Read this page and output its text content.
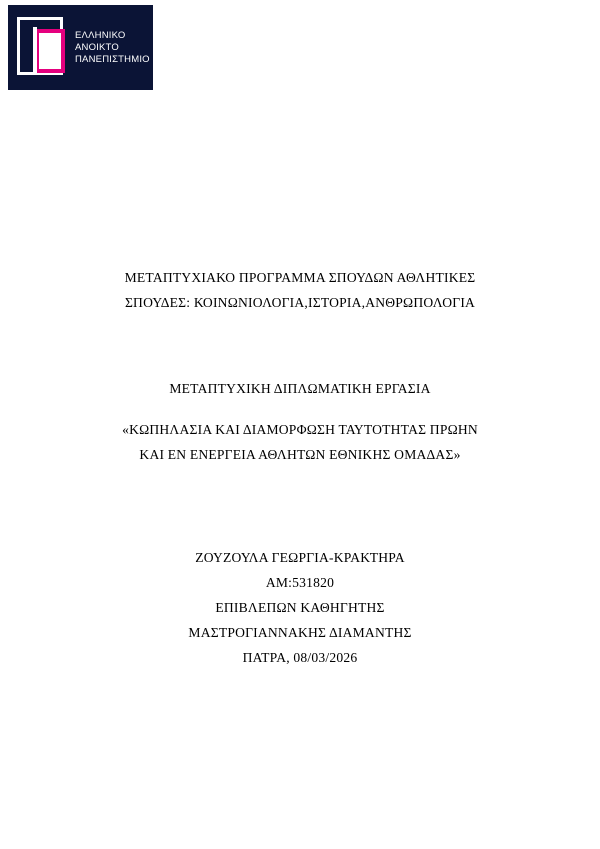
ΕΛΛΗΝΙΚΟ
ΑΝΟΙΚΤΟ
ΠΑΝΕΠΙΣΤΗΜΙΟ
ΜΕΤΑΠΤΥΧΙΑΚΟ ΠΡΟΓΡΑΜΜΑ ΣΠΟΥΔΩΝ ΑΘΛΗΤΙΚΕΣ
ΣΠΟΥΔΕΣ: ΚΟΙΝΩΝΙΟΛΟΓΙΑ,ΙΣΤΟΡΙΑ,ΑΝΘΡΩΠΟΛΟΓΙΑ
ΜΕΤΑΠΤΥΧΙΚΗ ΔΙΠΛΩΜΑΤΙΚΗ ΕΡΓΑΣΙΑ
«ΚΩΠΗΛΑΣΙΑ ΚΑΙ ΔΙΑΜΟΡΦΩΣΗ ΤΑΥΤΟΤΗΤΑΣ ΠΡΩΗΝ
ΚΑΙ ΕΝ ΕΝΕΡΓΕΙΑ ΑΘΛΗΤΩΝ ΕΘΝΙΚΗΣ ΟΜΑΔΑΣ»
ΖΟΥΖΟΥΛΑ ΓΕΩΡΓΙΑ-ΚΡΑΚΤΗΡΑ
ΑΜ:531820
ΕΠΙΒΛΕΠΩΝ ΚΑΘΗΓΗΤΗΣ
ΜΑΣΤΡΟΓΙΑΝΝΑΚΗΣ ΔΙΑΜΑΝΤΗΣ
ΠΑΤΡΑ, 08/03/2026
